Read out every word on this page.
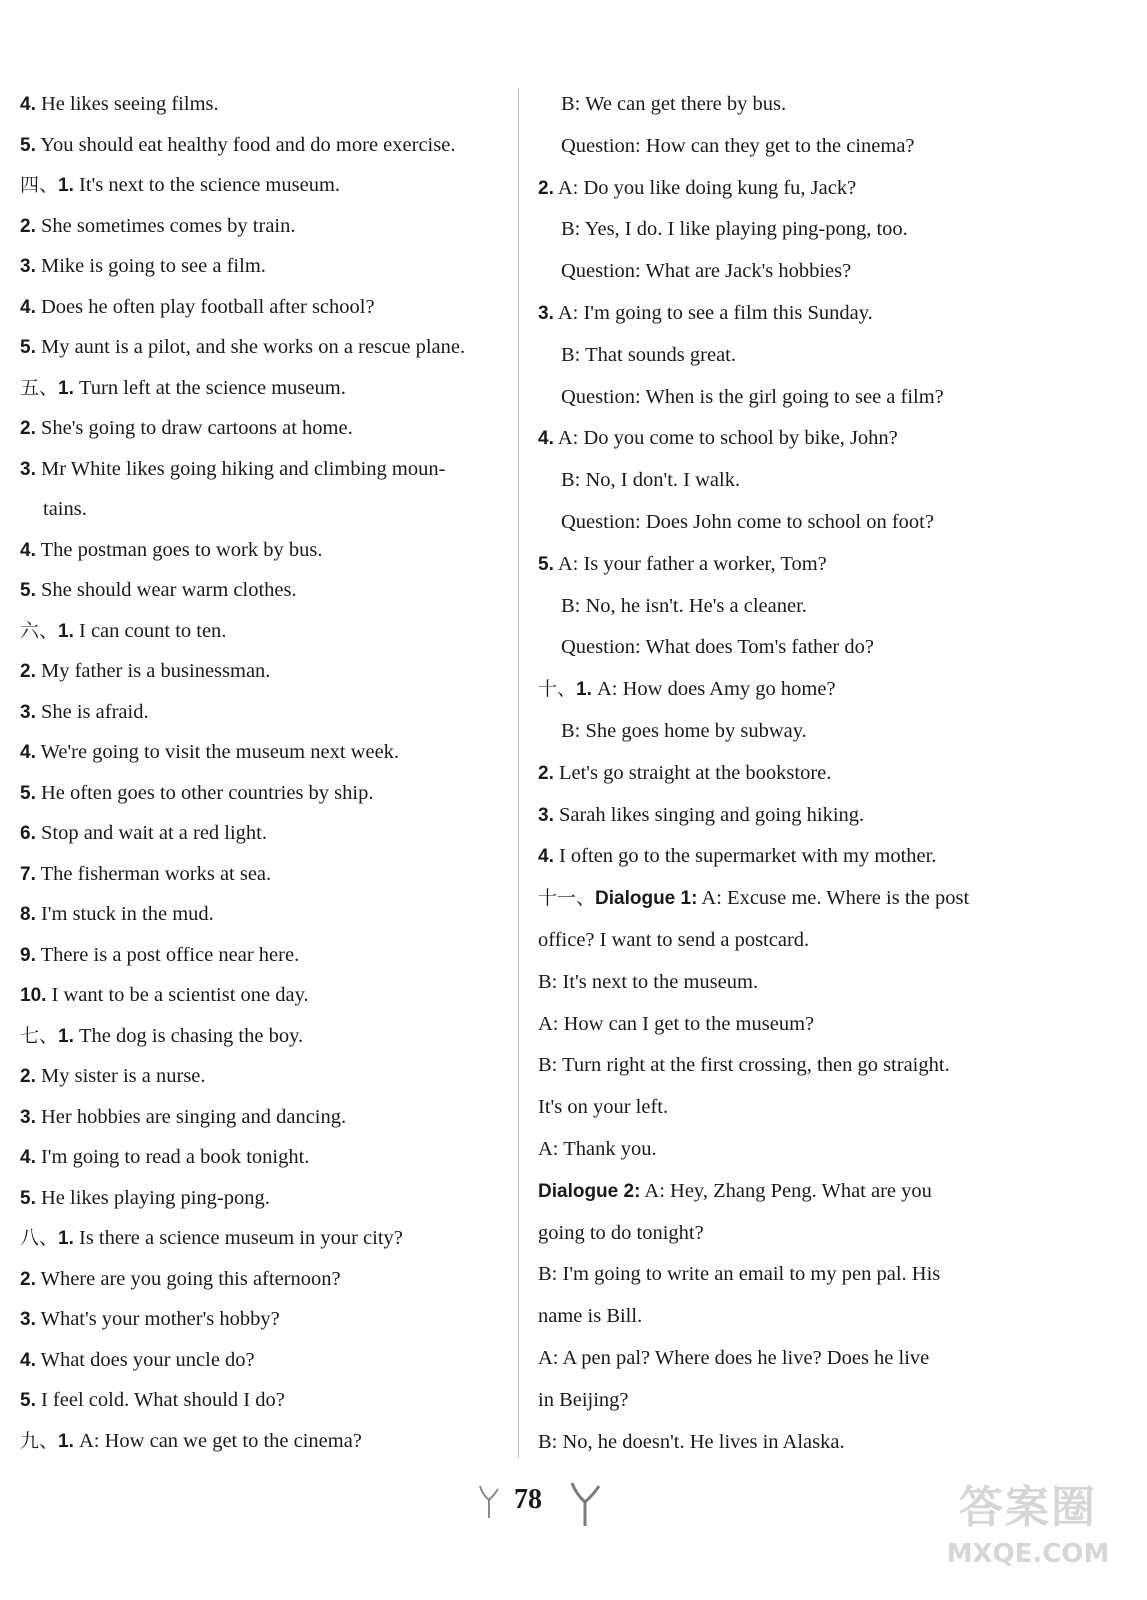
4. He likes seeing films.
5. You should eat healthy food and do more exercise.
四、1. It's next to the science museum.
2. She sometimes comes by train.
3. Mike is going to see a film.
4. Does he often play football after school?
5. My aunt is a pilot, and she works on a rescue plane.
五、1. Turn left at the science museum.
2. She's going to draw cartoons at home.
3. Mr White likes going hiking and climbing moun-
tains.
4. The postman goes to work by bus.
5. She should wear warm clothes.
六、1. I can count to ten.
2. My father is a businessman.
3. She is afraid.
4. We're going to visit the museum next week.
5. He often goes to other countries by ship.
6. Stop and wait at a red light.
7. The fisherman works at sea.
8. I'm stuck in the mud.
9. There is a post office near here.
10. I want to be a scientist one day.
七、1. The dog is chasing the boy.
2. My sister is a nurse.
3. Her hobbies are singing and dancing.
4. I'm going to read a book tonight.
5. He likes playing ping-pong.
八、1. Is there a science museum in your city?
2. Where are you going this afternoon?
3. What's your mother's hobby?
4. What does your uncle do?
5. I feel cold. What should I do?
九、1. A: How can we get to the cinema?
B: We can get there by bus.
Question: How can they get to the cinema?
2. A: Do you like doing kung fu, Jack?
B: Yes, I do. I like playing ping-pong, too.
Question: What are Jack's hobbies?
3. A: I'm going to see a film this Sunday.
B: That sounds great.
Question: When is the girl going to see a film?
4. A: Do you come to school by bike, John?
B: No, I don't. I walk.
Question: Does John come to school on foot?
5. A: Is your father a worker, Tom?
B: No, he isn't. He's a cleaner.
Question: What does Tom's father do?
十、1. A: How does Amy go home?
B: She goes home by subway.
2. Let's go straight at the bookstore.
3. Sarah likes singing and going hiking.
4. I often go to the supermarket with my mother.
十一、Dialogue 1: A: Excuse me. Where is the post
office? I want to send a postcard.
B: It's next to the museum.
A: How can I get to the museum?
B: Turn right at the first crossing, then go straight.
It's on your left.
A: Thank you.
Dialogue 2: A: Hey, Zhang Peng. What are you
going to do tonight?
B: I'm going to write an email to my pen pal. His
name is Bill.
A: A pen pal? Where does he live? Does he live
in Beijing?
B: No, he doesn't. He lives in Alaska.
78	答案圈
MXQE.COM
